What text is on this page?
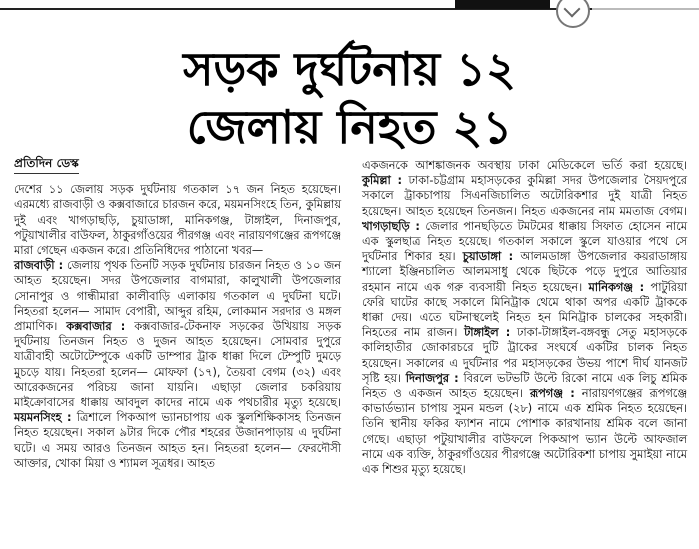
সড়ক দুর্ঘটনায় ১২
জেলায় নিহত ২১
প্রতিদিন ডেস্ক

দেশের ১১ জেলায় সড়ক দুর্ঘটনায় গতকাল ১৭ জন নিহত হয়েছেন। এরমধ্যে রাজবাড়ী ও কক্সবাজারে চারজন করে, ময়মনসিংহে তিন, কুমিল্লায় দুই এবং খাগড়াছড়ি, চুয়াডাঙ্গা, মানিকগঞ্জ, টাঙ্গাইল, দিনাজপুর, পটুয়াখালীর বাউফল, ঠাকুরগাঁওয়ের পীরগঞ্জ এবং নারায়ণগঞ্জের রূপগঞ্জে মারা গেছেন একজন করে। প্রতিনিধিদের পাঠানো খবর—

রাজবাড়ী : জেলায় পৃথক তিনটি সড়ক দুর্ঘটনায় চারজন নিহত ও ১০ জন আহত হয়েছেন। সদর উপজেলার বাগমারা, কালুখালী উপজেলার সোনাপুর ও গান্ধীমারা কালীবাড়ি এলাকায় গতকাল এ দুর্ঘটনা ঘটে। নিহতরা হলেন— সামাদ বেপারী, আব্দুর রহিম, লোকমান সরদার ও মঙ্গল প্রামাণিক। কক্সবাজার : কক্সবাজার-টেকনাফ সড়কের উখিয়ায় সড়ক দুর্ঘটনায় তিনজন নিহত ও দুজন আহত হয়েছেন। সোমবার দুপুরে যাত্রীবাহী অটোটেম্পুকে একটি ডাম্পার ট্রাক ধাক্কা দিলে টেম্পুটি দুমড়ে মুচড়ে যায়। নিহতরা হলেন— মোফফা (১৭), তৈয়বা বেগম (৩২) এবং আরেকজনের পরিচয় জানা যায়নি। এছাড়া জেলার চকরিয়ায় মাইক্রোবাসের ধাক্কায় আবদুল কাদের নামে এক পথচারীর মৃত্যু হয়েছে। ময়মনসিংহ : ত্রিশালে পিকআপ ভ্যানচাপায় এক স্কুলশিক্ষিকাসহ তিনজন নিহত হয়েছেন। সকাল ৯টার দিকে পৌর শহরের উজানপাড়ায় এ দুর্ঘটনা ঘটে। এ সময় আরও তিনজন আহত হন। নিহতরা হলেন— ফেরদৌসী আক্তার, খোকা মিয়া ও শ্যামল সূত্রধর। আহত

একজনকে আশঙ্কাজনক অবস্থায় ঢাকা মেডিকেলে ভর্তি করা হয়েছে। কুমিল্লা : ঢাকা-চট্টগ্রাম মহাসড়কের কুমিল্লা সদর উপজেলার সৈয়দপুরে সকালে ট্রাকচাপায় সিএনজিচালিত অটোরিকশার দুই যাত্রী নিহত হয়েছেন। আহত হয়েছেন তিনজন। নিহত একজনের নাম মমতাজ বেগম। খাগড়াছড়ি : জেলার পানছড়িতে টমটমের ধাক্কায় সিফাত হোসেন নামে এক স্কুলছাত্র নিহত হয়েছে। গতকাল সকালে স্কুলে যাওয়ার পথে সে দুর্ঘটনার শিকার হয়। চুয়াডাঙ্গা : আলমডাঙ্গা উপজেলার কয়রাডাঙ্গায় শ্যালো ইঞ্জিনচালিত আলমসাধু থেকে ছিটকে পড়ে দুপুরে আতিয়ার রহমান নামে এক গরু ব্যবসায়ী নিহত হয়েছেন। মানিকগঞ্জ : পাটুরিয়া ফেরি ঘাটের কাছে সকালে মিনিট্রাক থেমে থাকা অপর একটি ট্রাককে ধাক্কা দেয়। এতে ঘটনাস্থলেই নিহত হন মিনিট্রাক চালকের সহকারী। নিহতের নাম রাজন। টাঙ্গাইল : ঢাকা-টাঙ্গাইল-বঙ্গবন্ধু সেতু মহাসড়কে কালিহাতীর জোকারচরে দুটি ট্রাকের সংঘর্ষে একটির চালক নিহত হয়েছেন। সকালের এ দুর্ঘটনার পর মহাসড়কের উভয় পাশে দীর্ঘ যানজট সৃষ্টি হয়। দিনাজপুর : বিরলে ভটভটি উল্টে রিকো নামে এক লিচু শ্রমিক নিহত ও একজন আহত হয়েছেন। রূপগঞ্জ : নারায়ণগঞ্জের রূপগঞ্জে কাভার্ডভ্যান চাপায় সুমন মন্ডল (২৮) নামে এক শ্রমিক নিহত হয়েছেন। তিনি স্থানীয় ফকির ফ্যাশন নামে পোশাক কারখানায় শ্রমিক বলে জানা গেছে। এছাড়া পটুয়াখালীর বাউফলে পিকআপ ভ্যান উল্টে আফজাল নামে এক ব্যক্তি, ঠাকুরগাঁওয়ের পীরগঞ্জে অটোরিকশা চাপায় সুমাইয়া নামে এক শিশুর মৃত্যু হয়েছে।
